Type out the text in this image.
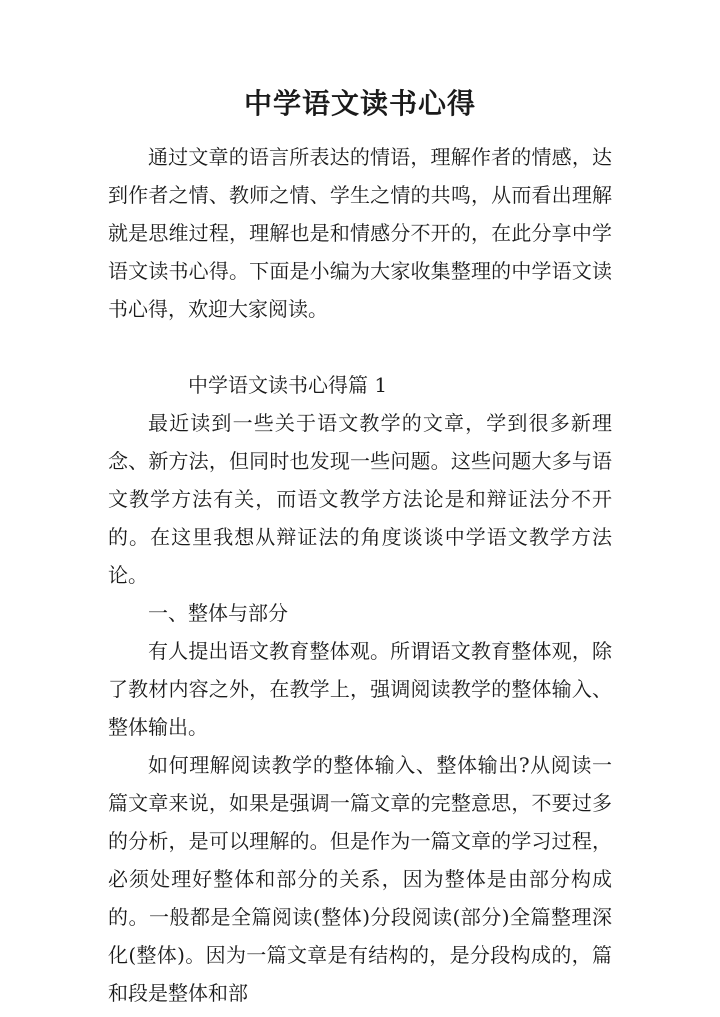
中学语文读书心得

通过文章的语言所表达的情语，理解作者的情感，达到作者之情、教师之情、学生之情的共鸣，从而看出理解就是思维过程，理解也是和情感分不开的，在此分享中学语文读书心得。下面是小编为大家收集整理的中学语文读书心得，欢迎大家阅读。

中学语文读书心得篇 1

最近读到一些关于语文教学的文章，学到很多新理念、新方法，但同时也发现一些问题。这些问题大多与语文教学方法有关，而语文教学方法论是和辩证法分不开的。在这里我想从辩证法的角度谈谈中学语文教学方法论。

一、整体与部分

有人提出语文教育整体观。所谓语文教育整体观，除了教材内容之外，在教学上，强调阅读教学的整体输入、整体输出。

如何理解阅读教学的整体输入、整体输出?从阅读一篇文章来说，如果是强调一篇文章的完整意思，不要过多的分析，是可以理解的。但是作为一篇文章的学习过程，必须处理好整体和部分的关系，因为整体是由部分构成的。一般都是全篇阅读(整体)分段阅读(部分)全篇整理深化(整体)。因为一篇文章是有结构的，是分段构成的，篇和段是整体和部
